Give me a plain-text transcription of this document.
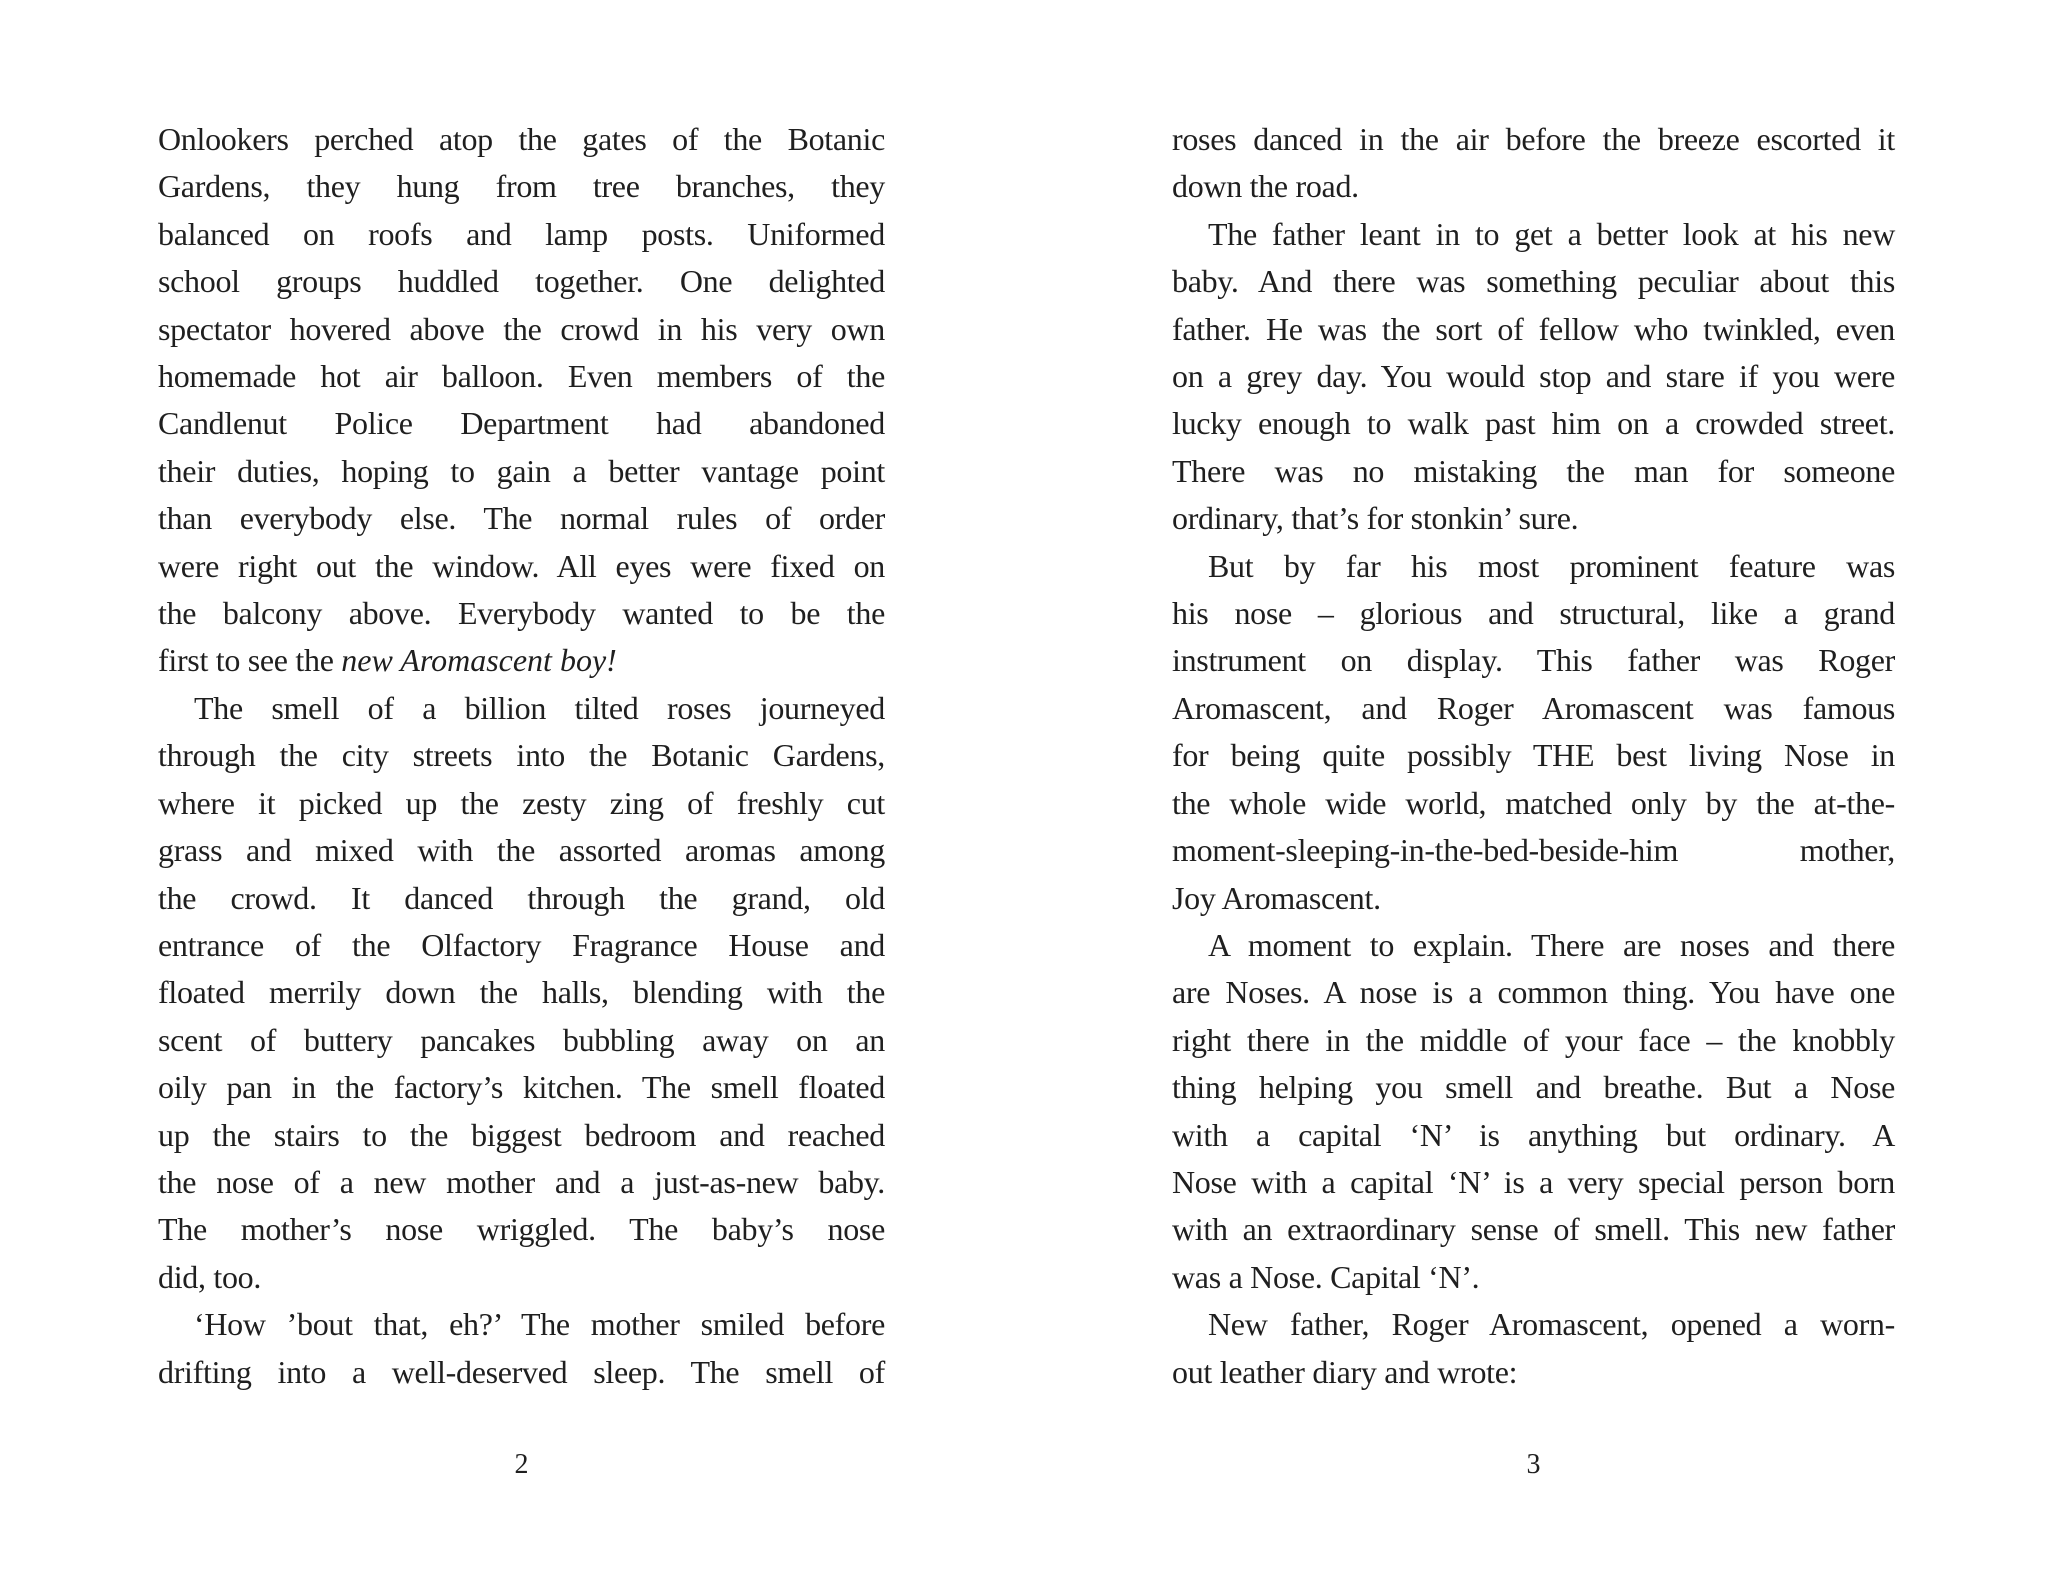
Onlookers perched atop the gates of the Botanic
Gardens, they hung from tree branches, they
balanced on roofs and lamp posts. Uniformed
school groups huddled together. One delighted
spectator hovered above the crowd in his very own
homemade hot air balloon. Even members of the
Candlenut Police Department had abandoned
their duties, hoping to gain a better vantage point
than everybody else. The normal rules of order
were right out the window. All eyes were fixed on
the balcony above. Everybody wanted to be the
first to see the new Aromascent boy!
The smell of a billion tilted roses journeyed
through the city streets into the Botanic Gardens,
where it picked up the zesty zing of freshly cut
grass and mixed with the assorted aromas among
the crowd. It danced through the grand, old
entrance of the Olfactory Fragrance House and
floated merrily down the halls, blending with the
scent of buttery pancakes bubbling away on an
oily pan in the factory’s kitchen. The smell floated
up the stairs to the biggest bedroom and reached
the nose of a new mother and a just-as-new baby.
The mother’s nose wriggled. The baby’s nose
did, too.
‘How ’bout that, eh?’ The mother smiled before
drifting into a well-deserved sleep. The smell of
roses danced in the air before the breeze escorted it
down the road.
The father leant in to get a better look at his new
baby. And there was something peculiar about this
father. He was the sort of fellow who twinkled, even
on a grey day. You would stop and stare if you were
lucky enough to walk past him on a crowded street.
There was no mistaking the man for someone
ordinary, that’s for stonkin’ sure.
But by far his most prominent feature was
his nose – glorious and structural, like a grand
instrument on display. This father was Roger
Aromascent, and Roger Aromascent was famous
for being quite possibly THE best living Nose in
the whole wide world, matched only by the at-the-
moment-sleeping-in-the-bed-beside-him mother,
Joy Aromascent.
A moment to explain. There are noses and there
are Noses. A nose is a common thing. You have one
right there in the middle of your face – the knobbly
thing helping you smell and breathe. But a Nose
with a capital ‘N’ is anything but ordinary. A
Nose with a capital ‘N’ is a very special person born
with an extraordinary sense of smell. This new father
was a Nose. Capital ‘N’.
New father, Roger Aromascent, opened a worn-
out leather diary and wrote:
2	3
